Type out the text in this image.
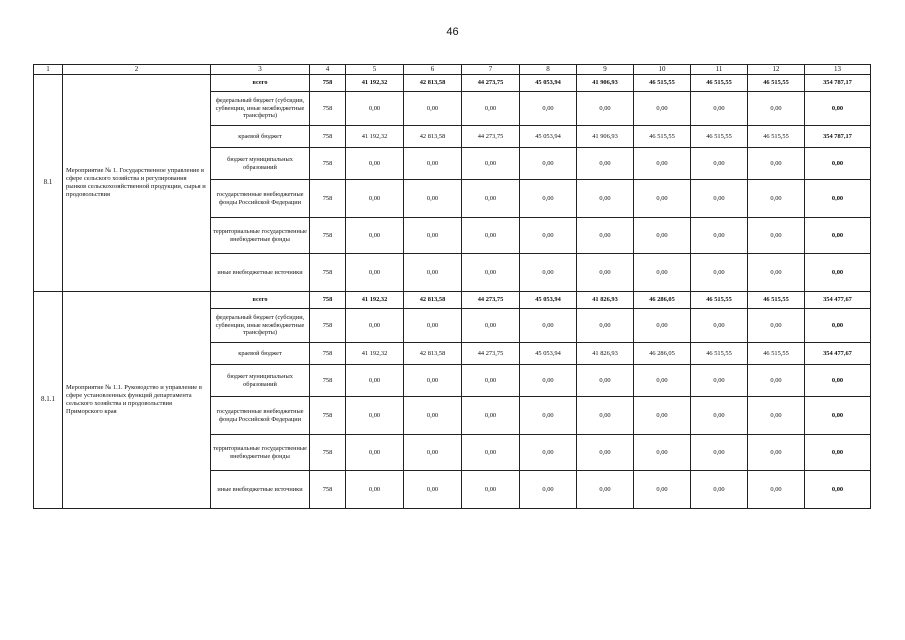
46
1	2	3	4	5	6	7	8	9	10	11	12	13
8.1	Мероприятие № 1. Государственное управление в сфере сельского хозяйства и регулирования рынков сельскохозяйственной продукции, сырья и продовольствия	всего	758	41 192,32	42 813,58	44 273,75	45 053,94	41 906,93	46 515,55	46 515,55	46 515,55	354 787,17
		федеральный бюджет (субсидии, субвенции, иные межбюджетные трансферты)	758	0,00	0,00	0,00	0,00	0,00	0,00	0,00	0,00	0,00
		краевой бюджет	758	41 192,32	42 813,58	44 273,75	45 053,94	41 906,93	46 515,55	46 515,55	46 515,55	354 787,17
		бюджет муниципальных образований	758	0,00	0,00	0,00	0,00	0,00	0,00	0,00	0,00	0,00
		государственные внебюджетные фонды Российской Федерации	758	0,00	0,00	0,00	0,00	0,00	0,00	0,00	0,00	0,00
		территориальные государственные внебюджетные фонды	758	0,00	0,00	0,00	0,00	0,00	0,00	0,00	0,00	0,00
		иные внебюджетные источники	758	0,00	0,00	0,00	0,00	0,00	0,00	0,00	0,00	0,00
8.1.1	Мероприятие № 1.1. Руководство и управление в сфере установленных функций департамента сельского хозяйства и продовольствия Приморского края	всего	758	41 192,32	42 813,58	44 273,75	45 053,94	41 826,93	46 286,05	46 515,55	46 515,55	354 477,67
		федеральный бюджет (субсидии, субвенции, иные межбюджетные трансферты)	758	0,00	0,00	0,00	0,00	0,00	0,00	0,00	0,00	0,00
		краевой бюджет	758	41 192,32	42 813,58	44 273,75	45 053,94	41 826,93	46 286,05	46 515,55	46 515,55	354 477,67
		бюджет муниципальных образований	758	0,00	0,00	0,00	0,00	0,00	0,00	0,00	0,00	0,00
		государственные внебюджетные фонды Российской Федерации	758	0,00	0,00	0,00	0,00	0,00	0,00	0,00	0,00	0,00
		территориальные государственные внебюджетные фонды	758	0,00	0,00	0,00	0,00	0,00	0,00	0,00	0,00	0,00
		иные внебюджетные источники	758	0,00	0,00	0,00	0,00	0,00	0,00	0,00	0,00	0,00
